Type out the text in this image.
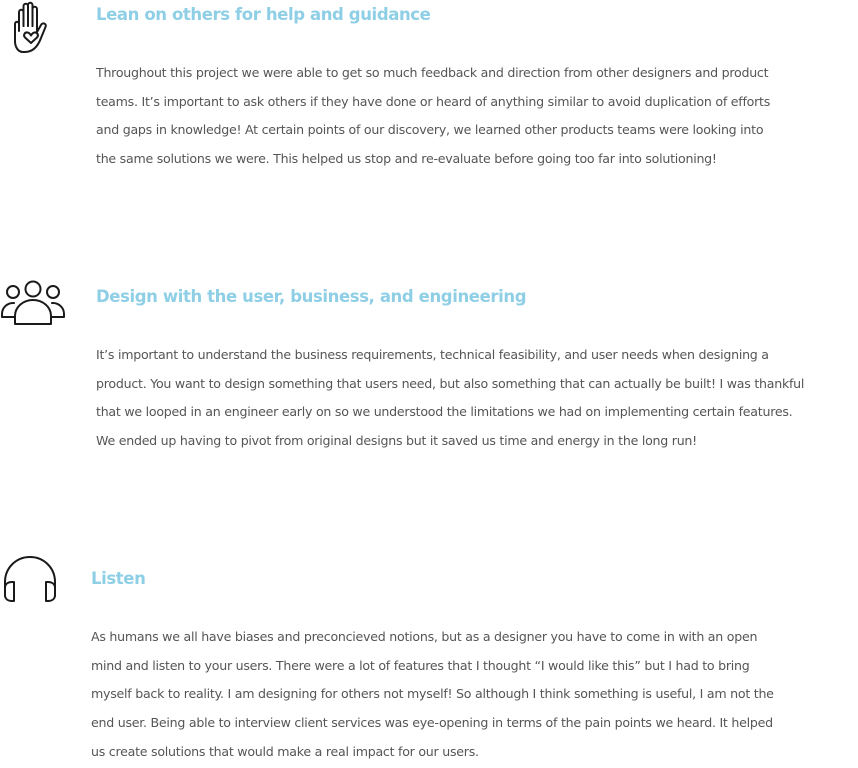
Lean on others for help and guidance

Throughout this project we were able to get so much feedback and direction from other designers and product
teams. It’s important to ask others if they have done or heard of anything similar to avoid duplication of efforts
and gaps in knowledge! At certain points of our discovery, we learned other products teams were looking into
the same solutions we were. This helped us stop and re-evaluate before going too far into solutioning!

Design with the user, business, and engineering

It’s important to understand the business requirements, technical feasibility, and user needs when designing a
product. You want to design something that users need, but also something that can actually be built! I was thankful
that we looped in an engineer early on so we understood the limitations we had on implementing certain features.
We ended up having to pivot from original designs but it saved us time and energy in the long run!

Listen

As humans we all have biases and preconcieved notions, but as a designer you have to come in with an open
mind and listen to your users. There were a lot of features that I thought “I would like this” but I had to bring
myself back to reality. I am designing for others not myself! So although I think something is useful, I am not the
end user. Being able to interview client services was eye-opening in terms of the pain points we heard. It helped
us create solutions that would make a real impact for our users.
